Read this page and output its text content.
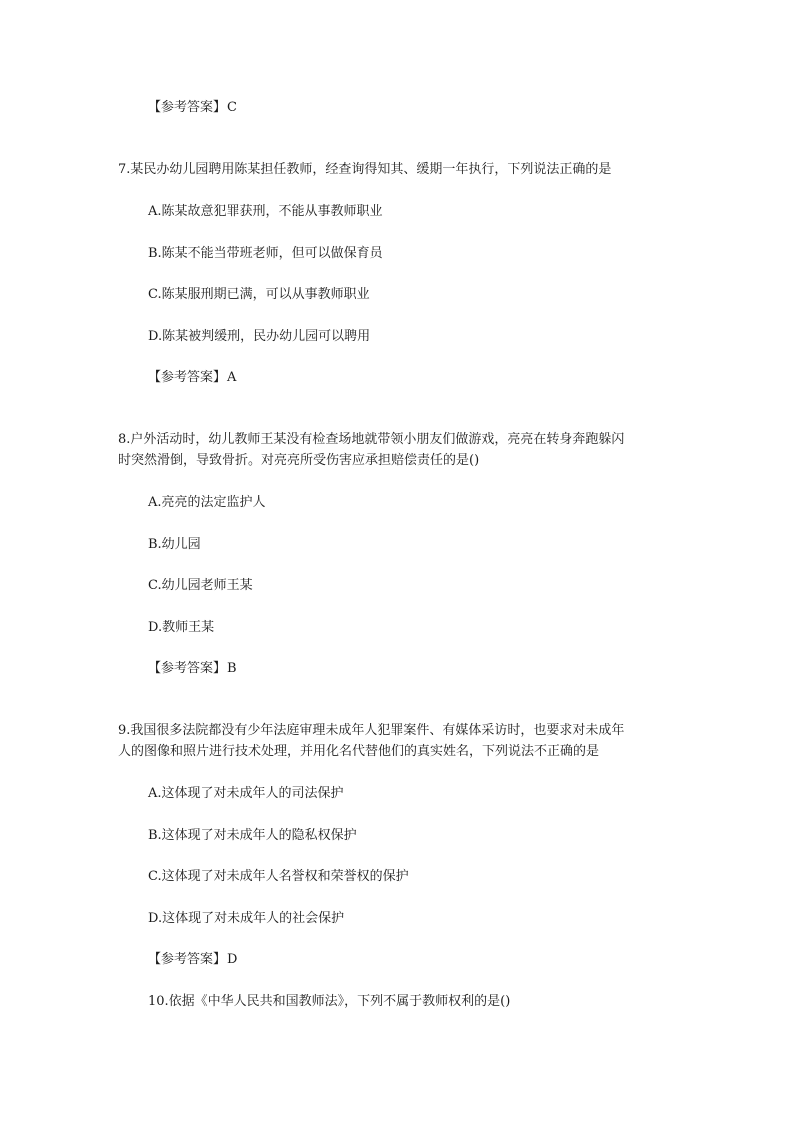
【参考答案】C
7.某民办幼儿园聘用陈某担任教师，经查询得知其、缓期一年执行，下列说法正确的是
A.陈某故意犯罪获刑，不能从事教师职业
B.陈某不能当带班老师，但可以做保育员
C.陈某服刑期已满，可以从事教师职业
D.陈某被判缓刑，民办幼儿园可以聘用
【参考答案】A
8.户外活动时，幼儿教师王某没有检查场地就带领小朋友们做游戏，亮亮在转身奔跑躲闪
时突然滑倒，导致骨折。对亮亮所受伤害应承担赔偿责任的是()
A.亮亮的法定监护人
B.幼儿园
C.幼儿园老师王某
D.教师王某
【参考答案】B
9.我国很多法院都没有少年法庭审理未成年人犯罪案件、有媒体采访时，也要求对未成年
人的图像和照片进行技术处理，并用化名代替他们的真实姓名，下列说法不正确的是
A.这体现了对未成年人的司法保护
B.这体现了对未成年人的隐私权保护
C.这体现了对未成年人名誉权和荣誉权的保护
D.这体现了对未成年人的社会保护
【参考答案】D
10.依据《中华人民共和国教师法》，下列不属于教师权利的是()
